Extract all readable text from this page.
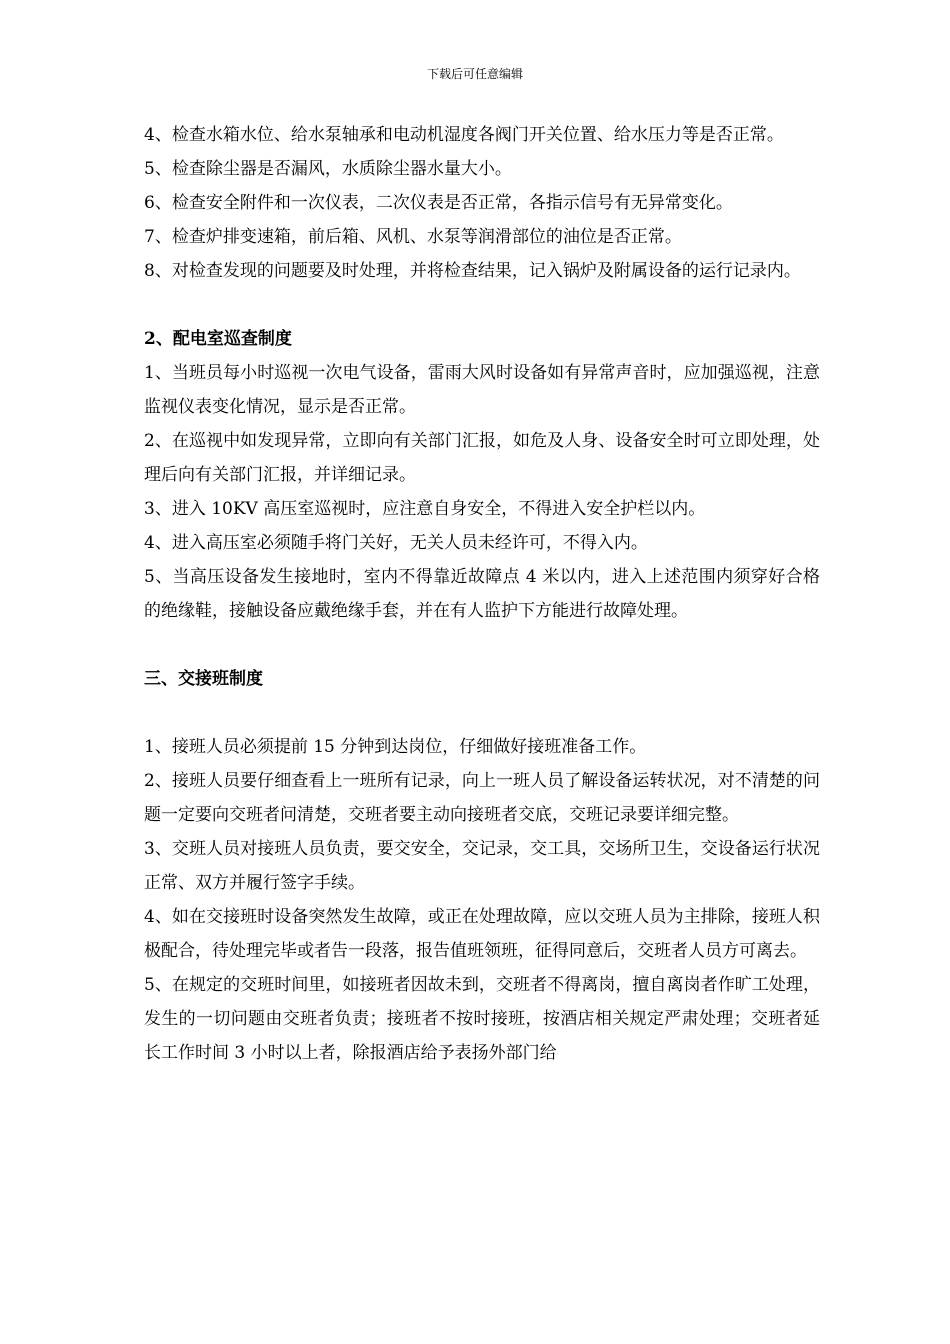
下载后可任意编辑

4、检查水箱水位、给水泵轴承和电动机湿度各阀门开关位置、给水压力等是否正常。

5、检查除尘器是否漏风，水质除尘器水量大小。

6、检查安全附件和一次仪表，二次仪表是否正常，各指示信号有无异常变化。

7、检查炉排变速箱，前后箱、风机、水泵等润滑部位的油位是否正常。

8、对检查发现的问题要及时处理，并将检查结果，记入锅炉及附属设备的运行记录内。

2、配电室巡查制度

1、当班员每小时巡视一次电气设备，雷雨大风时设备如有异常声音时，应加强巡视，注意监视仪表变化情况，显示是否正常。

2、在巡视中如发现异常，立即向有关部门汇报，如危及人身、设备安全时可立即处理，处理后向有关部门汇报，并详细记录。

3、进入 10KV 高压室巡视时，应注意自身安全，不得进入安全护栏以内。

4、进入高压室必须随手将门关好，无关人员未经许可，不得入内。

5、当高压设备发生接地时，室内不得靠近故障点 4 米以内，进入上述范围内须穿好合格的绝缘鞋，接触设备应戴绝缘手套，并在有人监护下方能进行故障处理。

三、交接班制度

1、接班人员必须提前 15 分钟到达岗位，仔细做好接班准备工作。

2、接班人员要仔细查看上一班所有记录，向上一班人员了解设备运转状况，对不清楚的问题一定要向交班者问清楚，交班者要主动向接班者交底，交班记录要详细完整。

3、交班人员对接班人员负责，要交安全，交记录，交工具，交场所卫生，交设备运行状况正常、双方并履行签字手续。

4、如在交接班时设备突然发生故障，或正在处理故障，应以交班人员为主排除，接班人积极配合，待处理完毕或者告一段落，报告值班领班，征得同意后，交班者人员方可离去。

5、在规定的交班时间里，如接班者因故未到，交班者不得离岗，擅自离岗者作旷工处理，发生的一切问题由交班者负责；接班者不按时接班，按酒店相关规定严肃处理；交班者延长工作时间 3 小时以上者，除报酒店给予表扬外部门给
